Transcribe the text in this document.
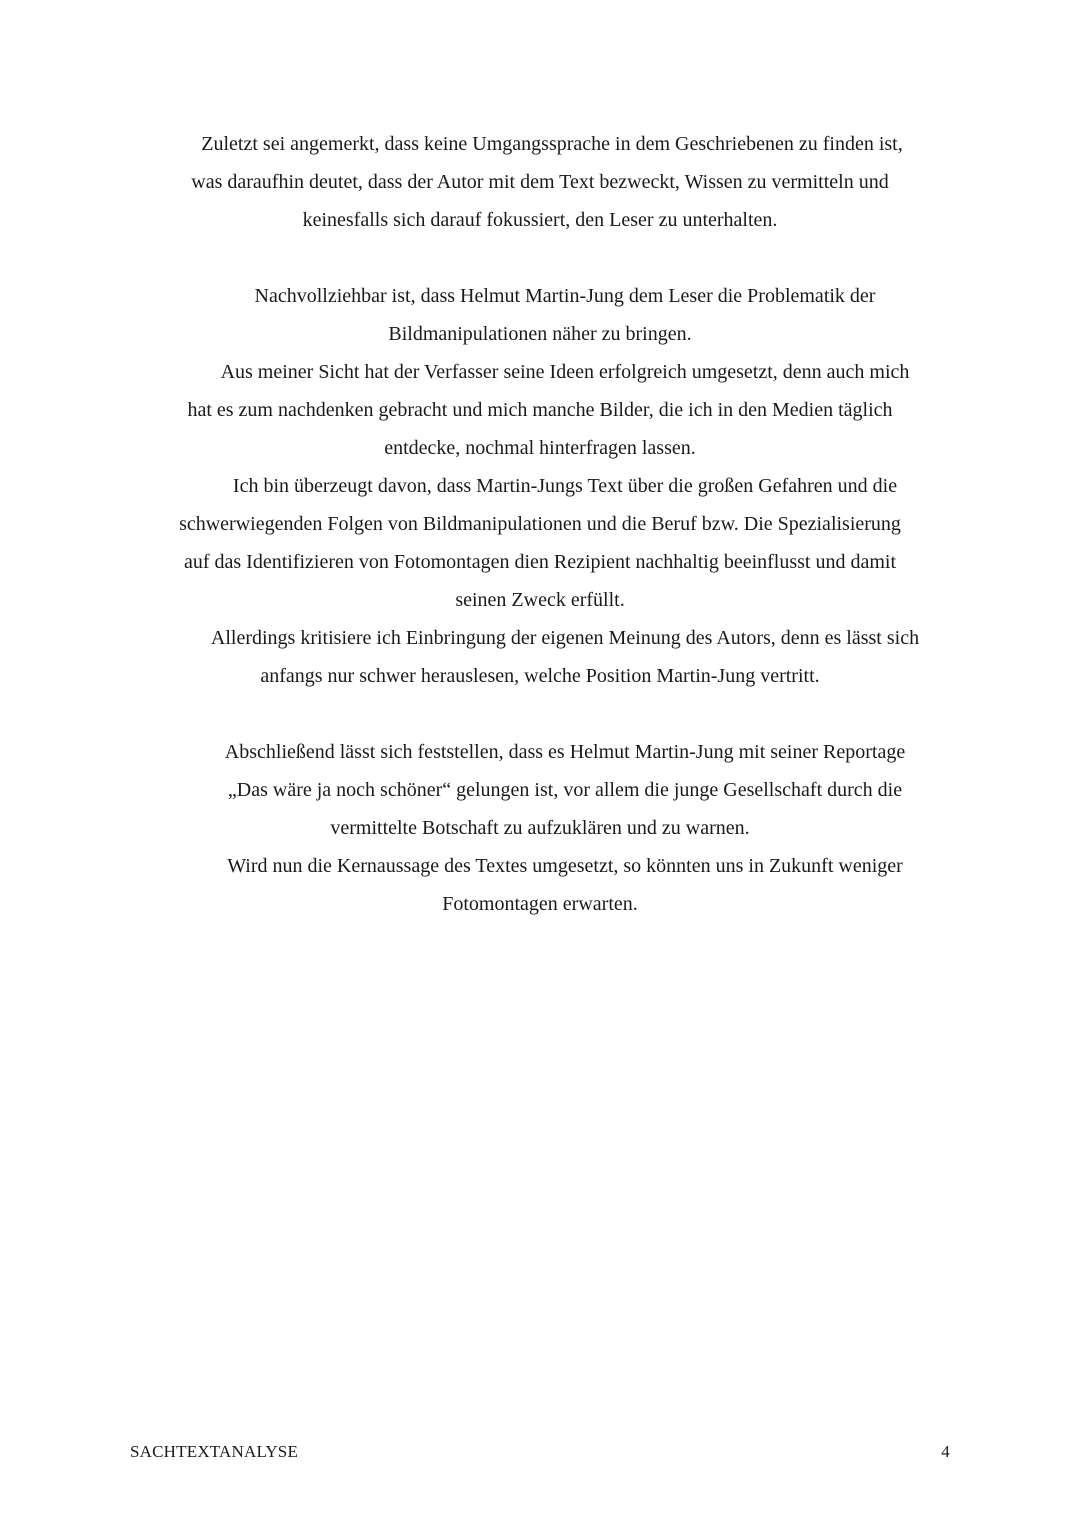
Zuletzt sei angemerkt, dass keine Umgangssprache in dem Geschriebenen zu finden ist,
was daraufhin deutet, dass der Autor mit dem Text bezweckt, Wissen zu vermitteln und
keinesfalls sich darauf fokussiert, den Leser zu unterhalten.
Nachvollziehbar ist, dass Helmut Martin-Jung dem Leser die Problematik der
Bildmanipulationen näher zu bringen.
Aus meiner Sicht hat der Verfasser seine Ideen erfolgreich umgesetzt, denn auch mich
hat es zum nachdenken gebracht und mich manche Bilder, die ich in den Medien täglich
entdecke, nochmal hinterfragen lassen.
Ich bin überzeugt davon, dass Martin-Jungs Text über die großen Gefahren und die
schwerwiegenden Folgen von Bildmanipulationen und die Beruf bzw. Die Spezialisierung
auf das Identifizieren von Fotomontagen dien Rezipient nachhaltig beeinflusst und damit
seinen Zweck erfüllt.
Allerdings kritisiere ich Einbringung der eigenen Meinung des Autors, denn es lässt sich
anfangs nur schwer herauslesen, welche Position Martin-Jung vertritt.
Abschließend lässt sich feststellen, dass es Helmut Martin-Jung mit seiner Reportage
„Das wäre ja noch schöner“ gelungen ist, vor allem die junge Gesellschaft durch die
vermittelte Botschaft zu aufzuklären und zu warnen.
Wird nun die Kernaussage des Textes umgesetzt, so könnten uns in Zukunft weniger
Fotomontagen erwarten.
SACHTEXTANALYSE	4
